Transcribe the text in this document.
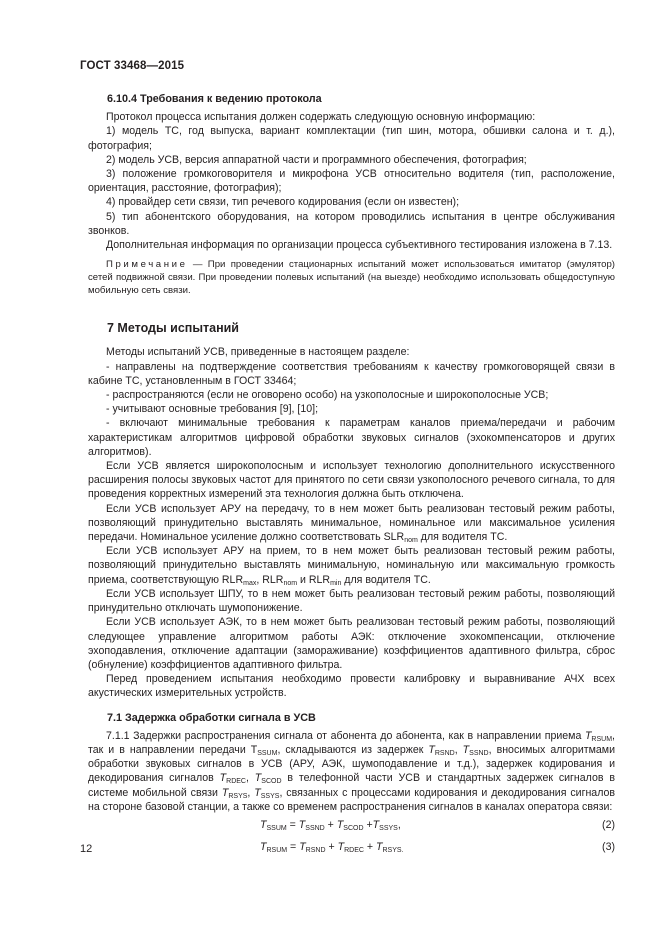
ГОСТ 33468—2015
6.10.4 Требования к ведению протокола

Протокол процесса испытания должен содержать следующую основную информацию:

1) модель ТС, год выпуска, вариант комплектации (тип шин, мотора, обшивки салона и т. д.), фотография;

2) модель УСВ, версия аппаратной части и программного обеспечения, фотография;

3) положение громкоговорителя и микрофона УСВ относительно водителя (тип, расположение, ориентация, расстояние, фотография);

4) провайдер сети связи, тип речевого кодирования (если он известен);

5) тип абонентского оборудования, на котором проводились испытания в центре обслуживания звонков.

Дополнительная информация по организации процесса субъективного тестирования изложена в 7.13.

Примечание — При проведении стационарных испытаний может использоваться имитатор (эмулятор) сетей подвижной связи. При проведении полевых испытаний (на выезде) необходимо использовать общедоступную мобильную сеть связи.

7 Методы испытаний

Методы испытаний УСВ, приведенные в настоящем разделе:

- направлены на подтверждение соответствия требованиям к качеству громкоговорящей связи в кабине ТС, установленным в ГОСТ 33464;

- распространяются (если не оговорено особо) на узкополосные и широкополосные УСВ;

- учитывают основные требования [9], [10];

- включают минимальные требования к параметрам каналов приема/передачи и рабочим характеристикам алгоритмов цифровой обработки звуковых сигналов (эхокомпенсаторов и других алгоритмов).

Если УСВ является широкополосным и использует технологию дополнительного искусственного расширения полосы звуковых частот для принятого по сети связи узкополосного речевого сигнала, то для проведения корректных измерений эта технология должна быть отключена.

Если УСВ использует АРУ на передачу, то в нем может быть реализован тестовый режим работы, позволяющий принудительно выставлять минимальное, номинальное или максимальное усиления передачи. Номинальное усиление должно соответствовать $SLR_{nom}$ для водителя ТС.

Если УСВ использует АРУ на прием, то в нем может быть реализован тестовый режим работы, позволяющий принудительно выставлять минимальную, номинальную или максимальную громкость приема, соответствующую $RLR_{max}$, $RLR_{nom}$ и $RLR_{min}$ для водителя ТС.

Если УСВ использует ШПУ, то в нем может быть реализован тестовый режим работы, позволяющий принудительно отключать шумопонижение.

Если УСВ использует АЭК, то в нем может быть реализован тестовый режим работы, позволяющий следующее управление алгоритмом работы АЭК: отключение эхокомпенсации, отключение эхоподавления, отключение адаптации (замораживание) коэффициентов адаптивного фильтра, сброс (обнуление) коэффициентов адаптивного фильтра.

Перед проведением испытания необходимо провести калибровку и выравнивание АЧХ всех акустических измерительных устройств.

7.1 Задержка обработки сигнала в УСВ

7.1.1 Задержки распространения сигнала от абонента до абонента, как в направлении приема $T_{RSUM}$, так и в направлении передачи $T_{SSUM}$, складываются из задержек $T_{RSND}$, $T_{SSND}$, вносимых алгоритмами обработки звуковых сигналов в УСВ (АРУ, АЭК, шумоподавление и т.д.), задержек кодирования и декодирования сигналов $T_{RDEC}$, $T_{SCOD}$ в телефонной части УСВ и стандартных задержек сигналов в системе мобильной связи $T_{RSYS}$, $T_{SSYS}$, связанных с процессами кодирования и декодирования сигналов на стороне базовой станции, а также со временем распространения сигналов в каналах оператора связи:

$T_{SSUM} = T_{SSND} + T_{SCOD} +T_{SSYS}$,	(2)
$T_{RSUM} = T_{RSND} + T_{RDEC} + T_{RSYS.}$	(3)
12
